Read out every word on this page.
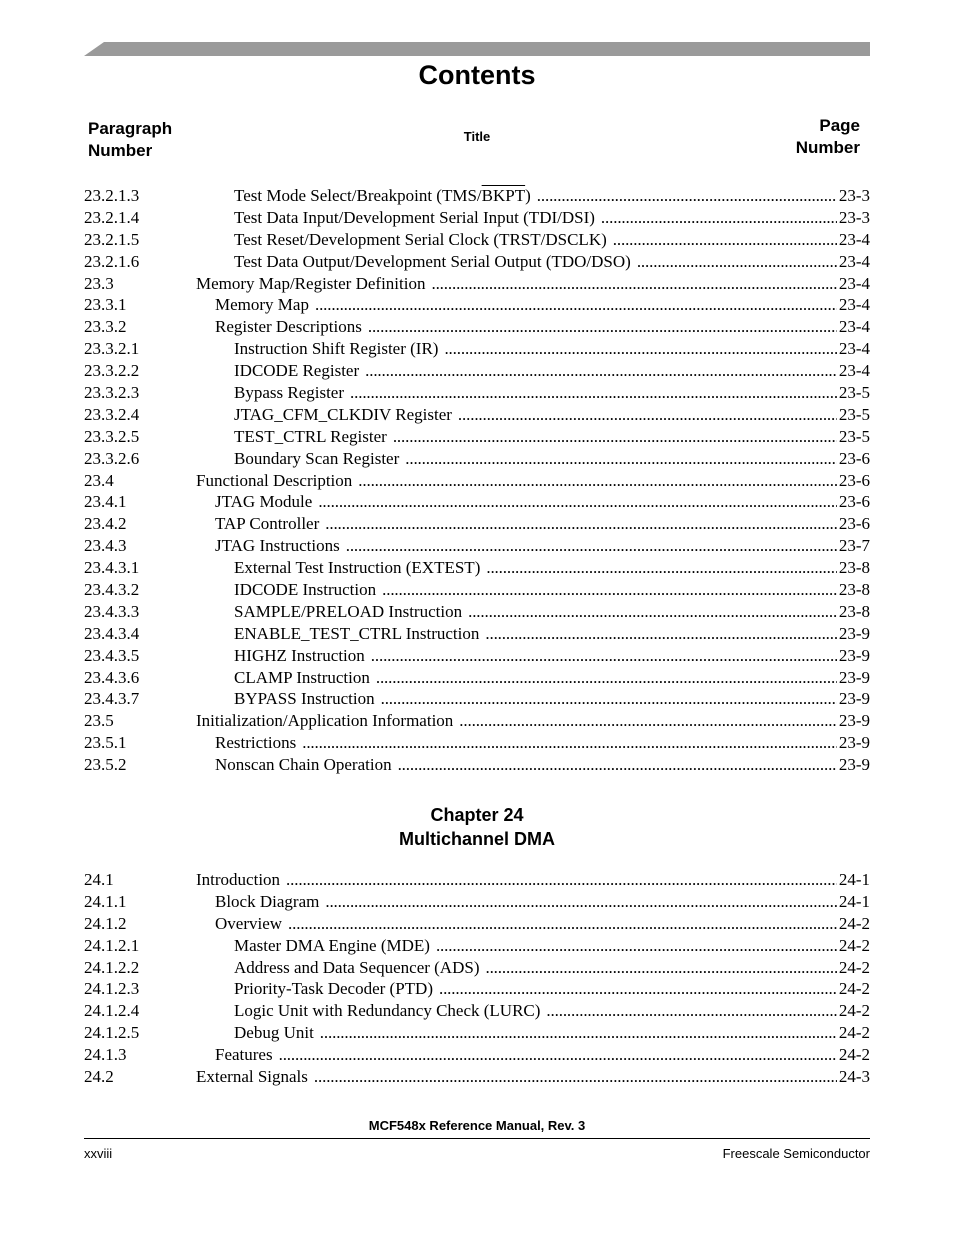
Contents
Paragraph
Number
Title
Page
Number
23.2.1.3	Test Mode Select/Breakpoint (TMS/BKPT) . . .	23-3
23.2.1.4	Test Data Input/Development Serial Input (TDI/DSI) . . .	23-3
23.2.1.5	Test Reset/Development Serial Clock (TRST/DSCLK) . . .	23-4
23.2.1.6	Test Data Output/Development Serial Output (TDO/DSO) . . .	23-4
23.3	Memory Map/Register Definition . . .	23-4
23.3.1	Memory Map . . .	23-4
23.3.2	Register Descriptions . . .	23-4
23.3.2.1	Instruction Shift Register (IR) . . .	23-4
23.3.2.2	IDCODE Register . . .	23-4
23.3.2.3	Bypass Register . . .	23-5
23.3.2.4	JTAG_CFM_CLKDIV Register . . .	23-5
23.3.2.5	TEST_CTRL Register . . .	23-5
23.3.2.6	Boundary Scan Register . . .	23-6
23.4	Functional Description . . .	23-6
23.4.1	JTAG Module . . .	23-6
23.4.2	TAP Controller . . .	23-6
23.4.3	JTAG Instructions . . .	23-7
23.4.3.1	External Test Instruction (EXTEST) . . .	23-8
23.4.3.2	IDCODE Instruction . . .	23-8
23.4.3.3	SAMPLE/PRELOAD Instruction . . .	23-8
23.4.3.4	ENABLE_TEST_CTRL Instruction . . .	23-9
23.4.3.5	HIGHZ Instruction . . .	23-9
23.4.3.6	CLAMP Instruction . . .	23-9
23.4.3.7	BYPASS Instruction . . .	23-9
23.5	Initialization/Application Information . . .	23-9
23.5.1	Restrictions . . .	23-9
23.5.2	Nonscan Chain Operation . . .	23-9
Chapter 24
Multichannel DMA
24.1	Introduction . . .	24-1
24.1.1	Block Diagram . . .	24-1
24.1.2	Overview . . .	24-2
24.1.2.1	Master DMA Engine (MDE) . . .	24-2
24.1.2.2	Address and Data Sequencer (ADS) . . .	24-2
24.1.2.3	Priority-Task Decoder (PTD) . . .	24-2
24.1.2.4	Logic Unit with Redundancy Check (LURC) . . .	24-2
24.1.2.5	Debug Unit . . .	24-2
24.1.3	Features . . .	24-2
24.2	External Signals . . .	24-3
MCF548x Reference Manual, Rev. 3
xxviii	Freescale Semiconductor
